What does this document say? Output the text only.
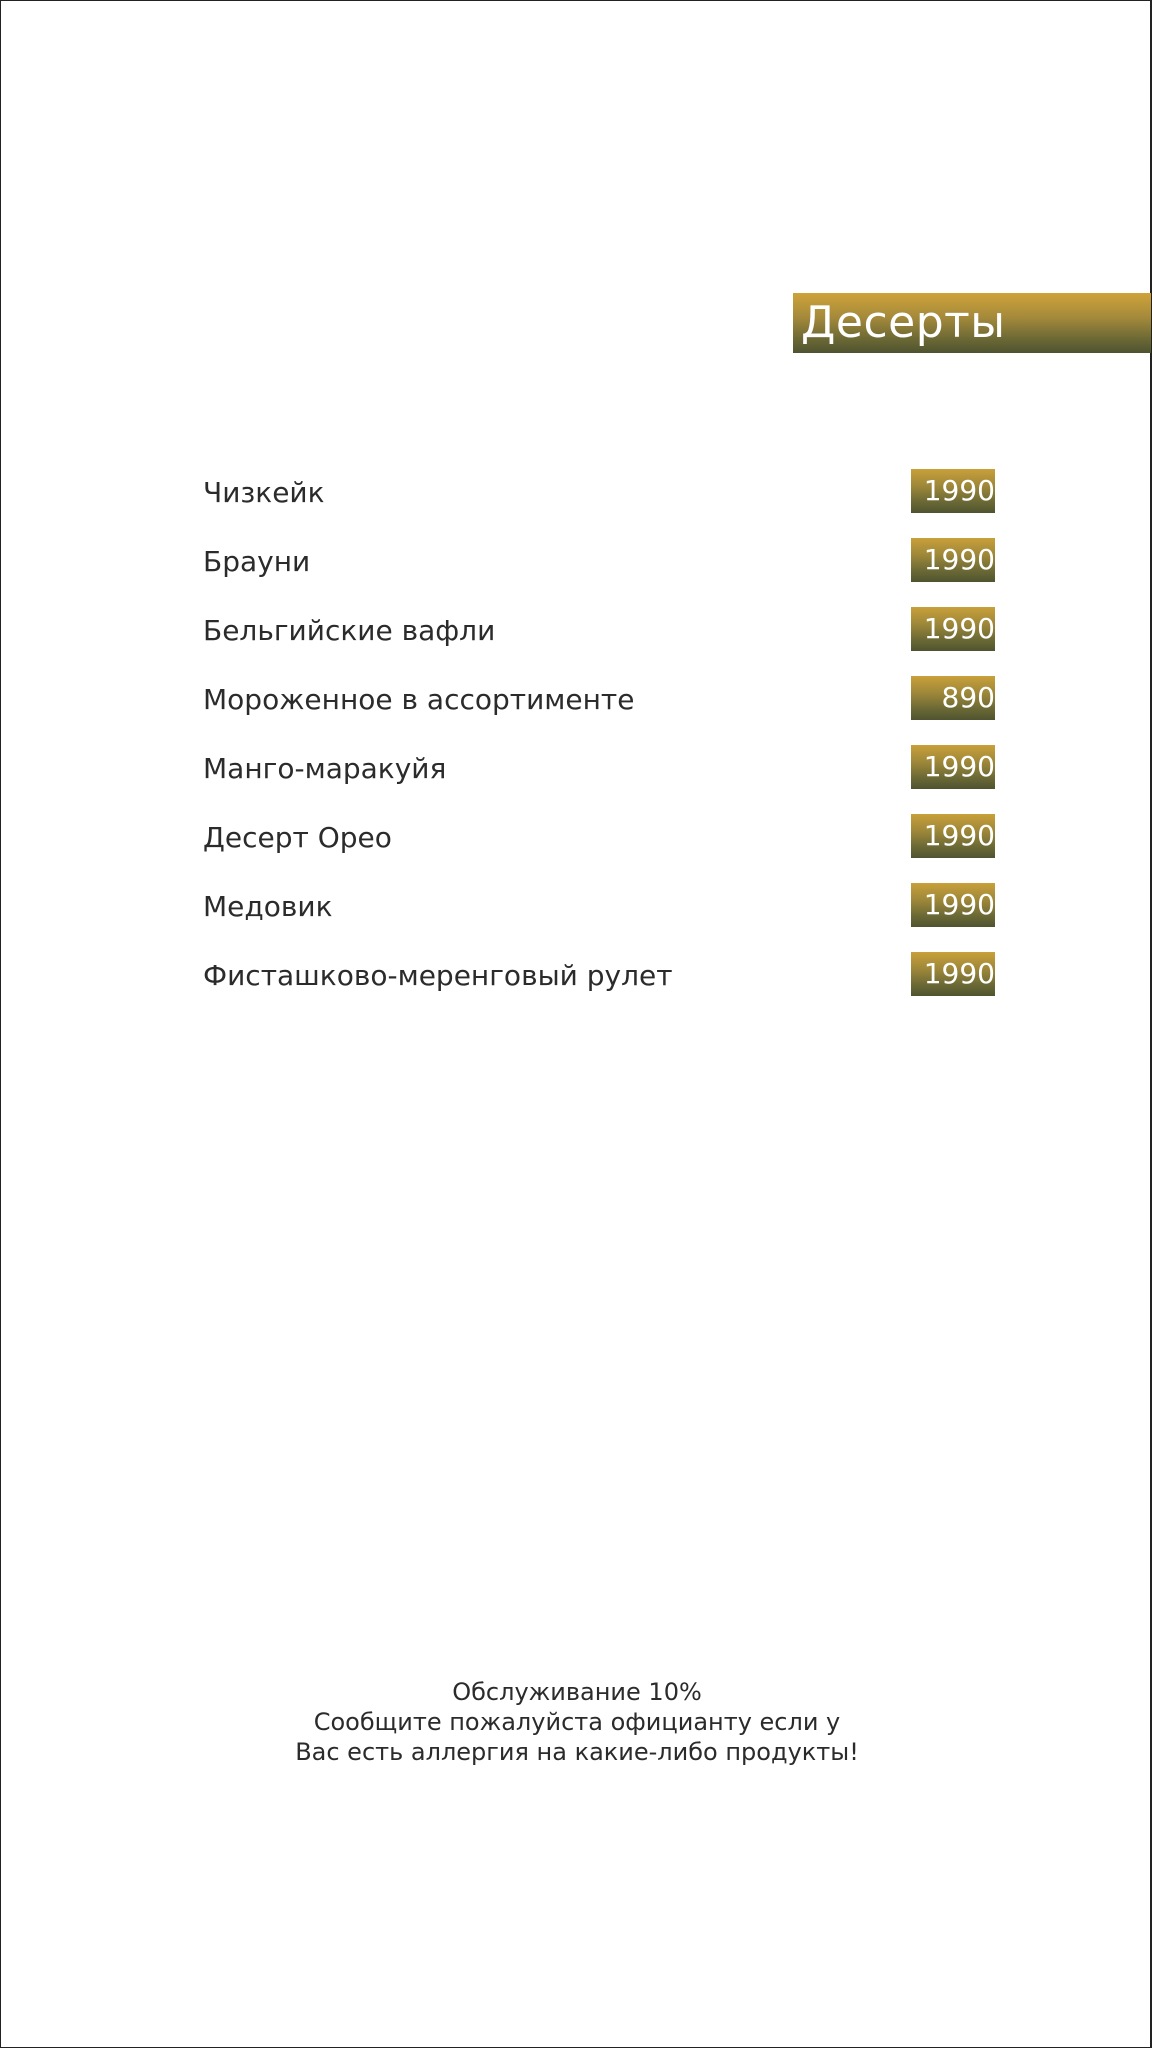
Десерты
Чизкейк	1990
Брауни	1990
Бельгийские вафли	1990
Мороженное в ассортименте	890
Манго-маракуйя	1990
Десерт Орео	1990
Медовик	1990
Фисташково-меренговый рулет	1990
Обслуживание 10%
Сообщите пожалуйста официанту если у
Вас есть аллергия на какие-либо продукты!
